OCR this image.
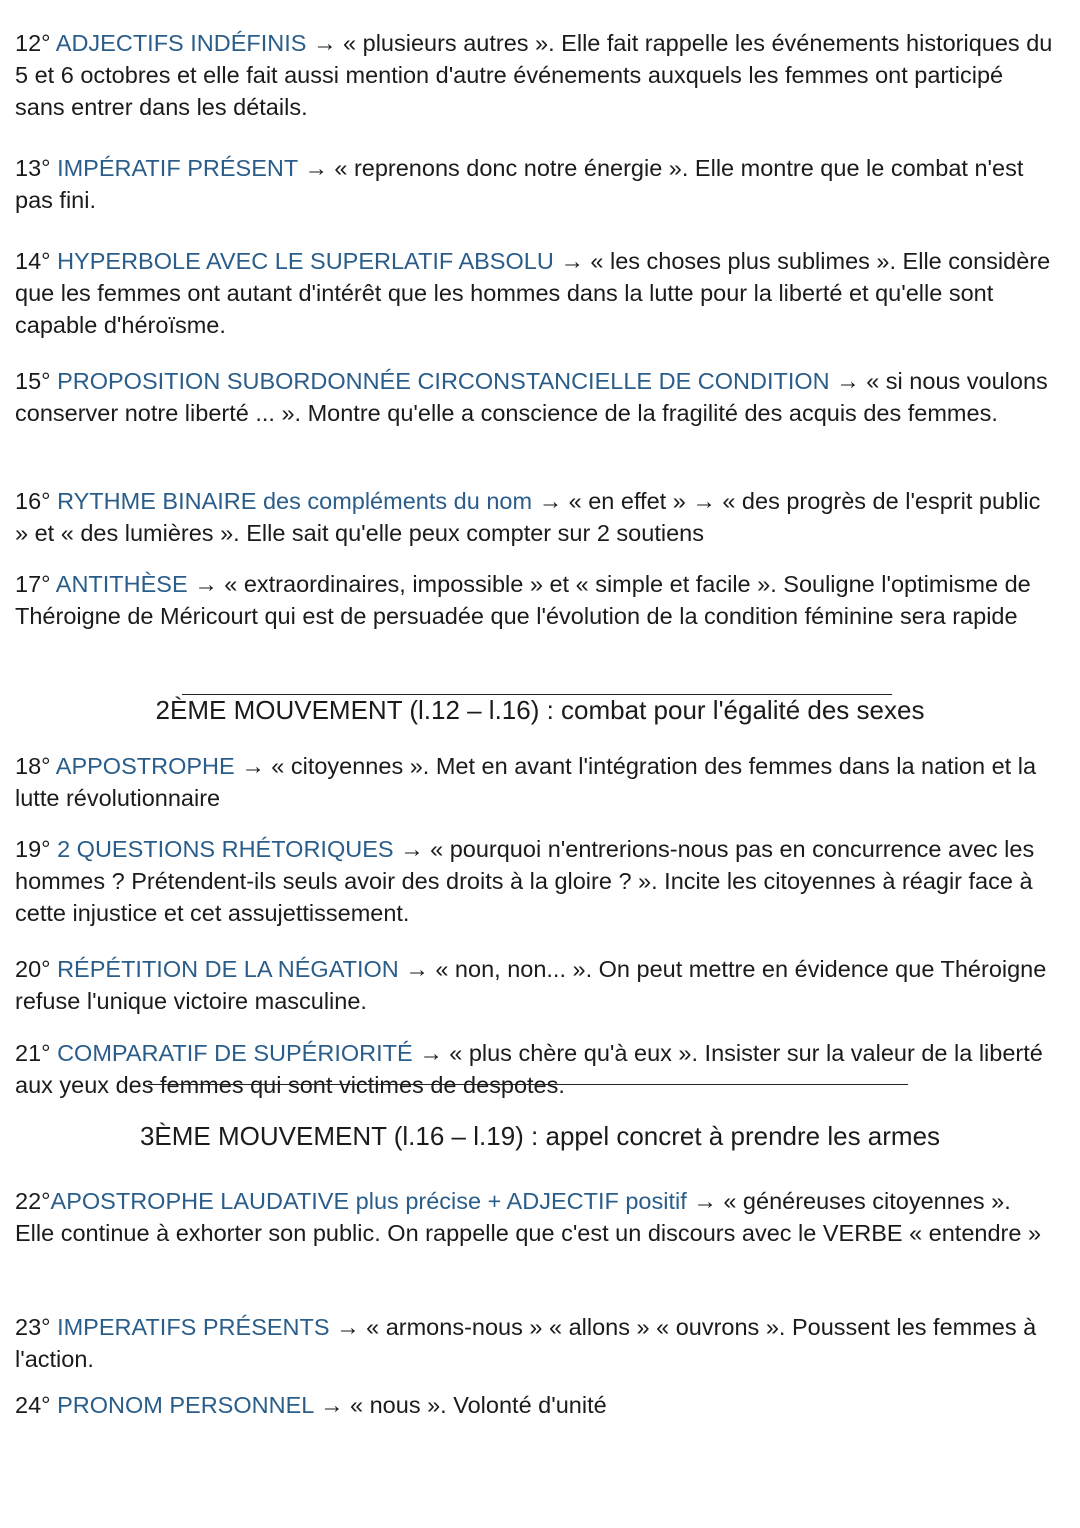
12° ADJECTIFS INDÉFINIS → « plusieurs autres ». Elle fait rappelle les événements historiques du 5 et 6 octobres et elle fait aussi mention d'autre événements auxquels les femmes ont participé sans entrer dans les détails.

13° IMPÉRATIF PRÉSENT → « reprenons donc notre énergie ». Elle montre que le combat n'est pas fini.

14° HYPERBOLE AVEC LE SUPERLATIF ABSOLU → « les choses plus sublimes ». Elle considère que les femmes ont autant d'intérêt que les hommes dans la lutte pour la liberté et qu'elle sont capable d'héroïsme.

15° PROPOSITION SUBORDONNÉE CIRCONSTANCIELLE DE CONDITION → « si nous voulons conserver notre liberté ... ». Montre qu'elle a conscience de la fragilité des acquis des femmes.

16° RYTHME BINAIRE des compléments du nom → « en effet » → « des progrès de l'esprit public » et « des lumières ». Elle sait qu'elle peux compter sur 2 soutiens

17° ANTITHÈSE → « extraordinaires, impossible » et « simple et facile ». Souligne l'optimisme de Théroigne de Méricourt qui est de persuadée que l'évolution de la condition féminine sera rapide

2ÈME MOUVEMENT (l.12 – l.16) : combat pour l'égalité des sexes

18° APPOSTROPHE → « citoyennes ». Met en avant l'intégration des femmes dans la nation et la lutte révolutionnaire

19° 2 QUESTIONS RHÉTORIQUES → « pourquoi n'entrerions-nous pas en concurrence avec les hommes ? Prétendent-ils seuls avoir des droits à la gloire ? ». Incite les citoyennes à réagir face à cette injustice et cet assujettissement.

20° RÉPÉTITION DE LA NÉGATION → « non, non... ». On peut mettre en évidence que Théroigne refuse l'unique victoire masculine.

21° COMPARATIF DE SUPÉRIORITÉ → « plus chère qu'à eux ». Insister sur la valeur de la liberté aux yeux des femmes qui sont victimes de despotes.

3ÈME MOUVEMENT (l.16 – l.19) : appel concret à prendre les armes

22°APOSTROPHE LAUDATIVE plus précise + ADJECTIF positif → « généreuses citoyennes ». Elle continue à exhorter son public. On rappelle que c'est un discours avec le VERBE « entendre »

23° IMPERATIFS PRÉSENTS → « armons-nous » « allons » « ouvrons ». Poussent les femmes à l'action.

24° PRONOM PERSONNEL → « nous ». Volonté d'unité
